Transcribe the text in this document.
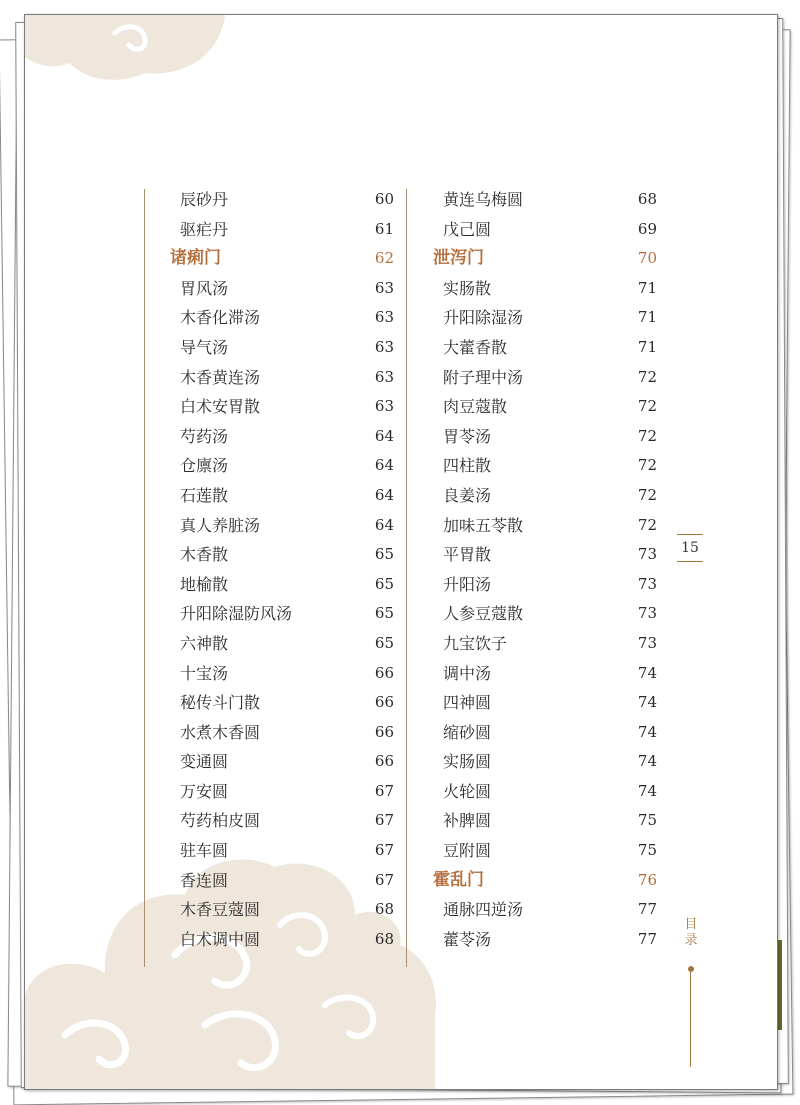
辰砂丹	60
驱疟丹	61
诸痢门	62
胃风汤	63
木香化滞汤	63
导气汤	63
木香黄连汤	63
白术安胃散	63
芍药汤	64
仓廪汤	64
石莲散	64
真人养脏汤	64
木香散	65
地榆散	65
升阳除湿防风汤	65
六神散	65
十宝汤	66
秘传斗门散	66
水煮木香圆	66
变通圆	66
万安圆	67
芍药柏皮圆	67
驻车圆	67
香连圆	67
木香豆蔻圆	68
白术调中圆	68
黄连乌梅圆	68
戊己圆	69
泄泻门	70
实肠散	71
升阳除湿汤	71
大藿香散	71
附子理中汤	72
肉豆蔻散	72
胃苓汤	72
四柱散	72
良姜汤	72
加味五苓散	72
平胃散	73
升阳汤	73
人参豆蔻散	73
九宝饮子	73
调中汤	74
四神圆	74
缩砂圆	74
实肠圆	74
火轮圆	74
补脾圆	75
豆附圆	75
霍乱门	76
通脉四逆汤	77
藿苓汤	77
15
目录
